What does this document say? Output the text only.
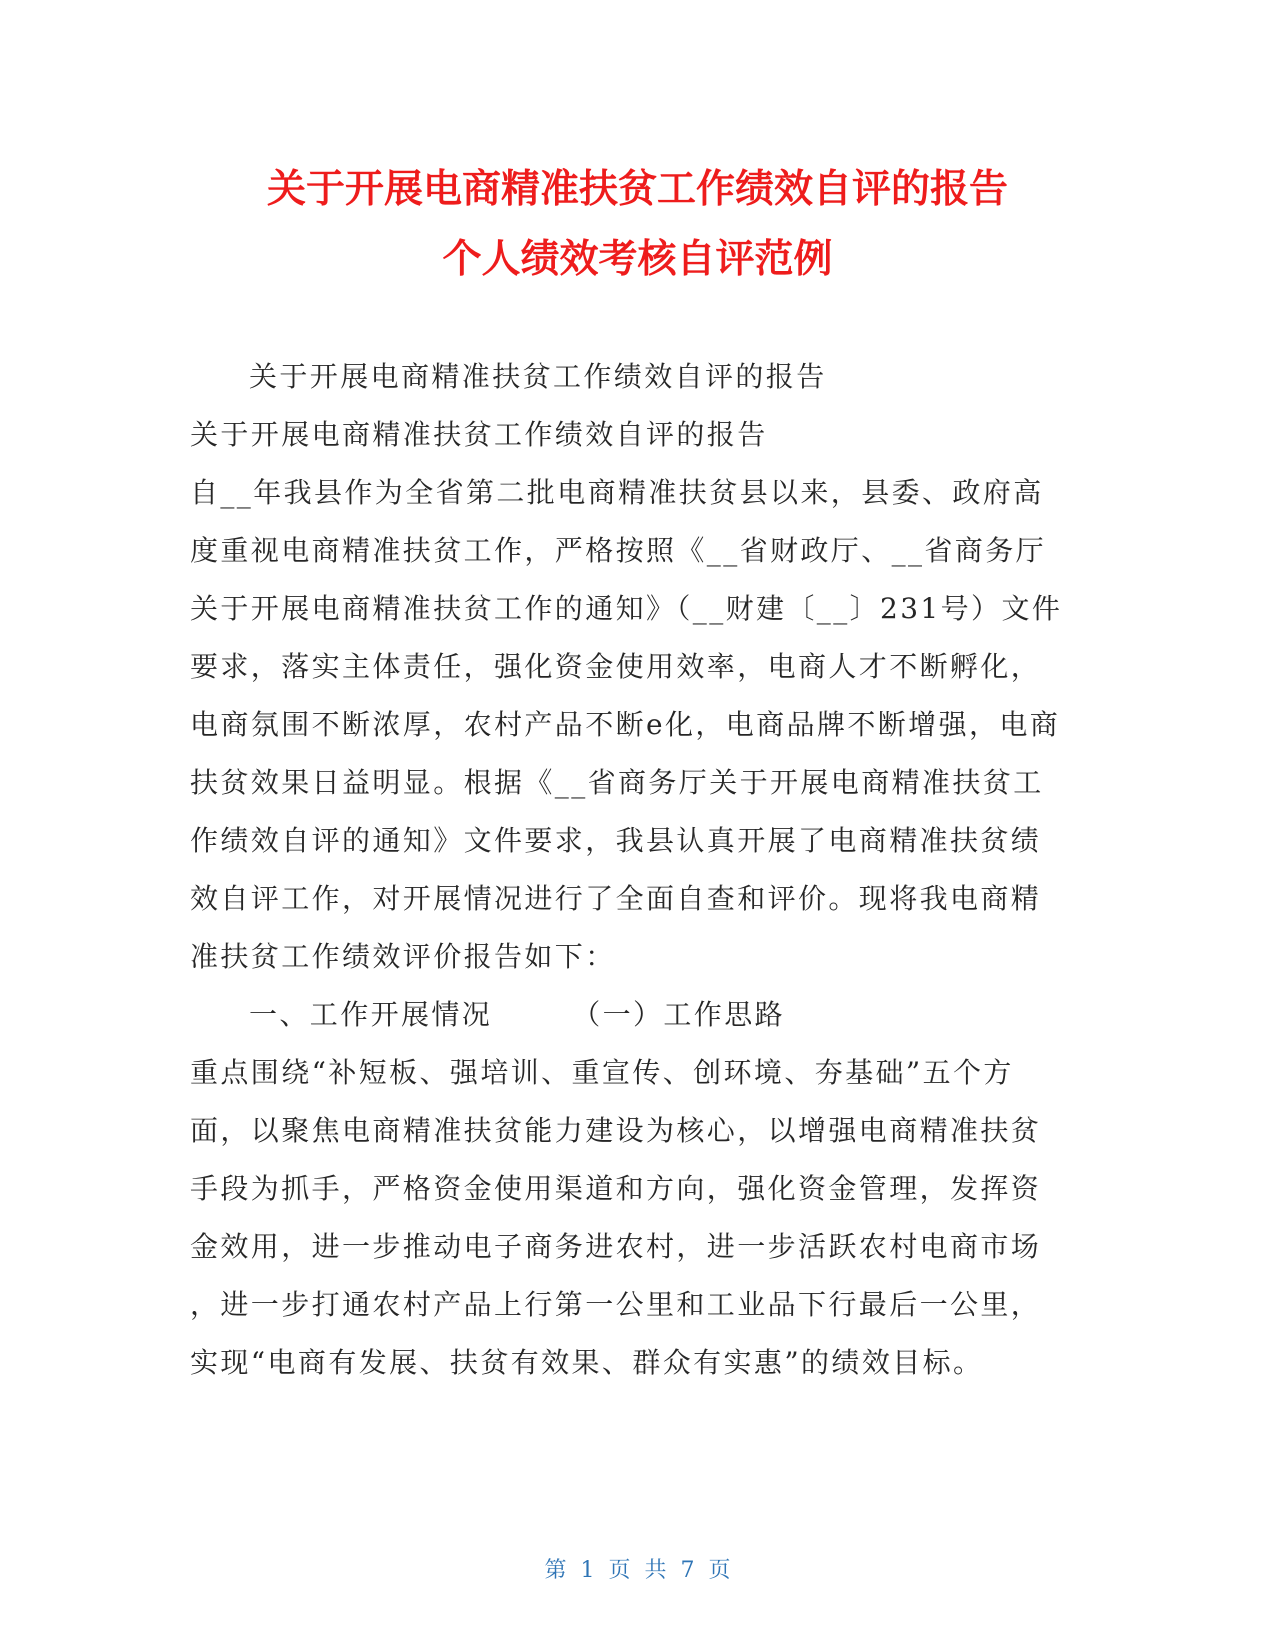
关于开展电商精准扶贫工作绩效自评的报告
个人绩效考核自评范例
关于开展电商精准扶贫工作绩效自评的报告
关于开展电商精准扶贫工作绩效自评的报告
自__年我县作为全省第二批电商精准扶贫县以来，县委、政府高
度重视电商精准扶贫工作，严格按照《__省财政厅、__省商务厅
关于开展电商精准扶贫工作的通知》（__财建〔__〕231号）文件
要求，落实主体责任，强化资金使用效率，电商人才不断孵化，
电商氛围不断浓厚，农村产品不断e化，电商品牌不断增强，电商
扶贫效果日益明显。根据《__省商务厅关于开展电商精准扶贫工
作绩效自评的通知》文件要求，我县认真开展了电商精准扶贫绩
效自评工作，对开展情况进行了全面自查和评价。现将我电商精
准扶贫工作绩效评价报告如下：
一、工作开展情况	（一）工作思路
重点围绕“补短板、强培训、重宣传、创环境、夯基础”五个方
面，以聚焦电商精准扶贫能力建设为核心，以增强电商精准扶贫
手段为抓手，严格资金使用渠道和方向，强化资金管理，发挥资
金效用，进一步推动电子商务进农村，进一步活跃农村电商市场
，进一步打通农村产品上行第一公里和工业品下行最后一公里，
实现“电商有发展、扶贫有效果、群众有实惠”的绩效目标。
第 1 页 共 7 页
